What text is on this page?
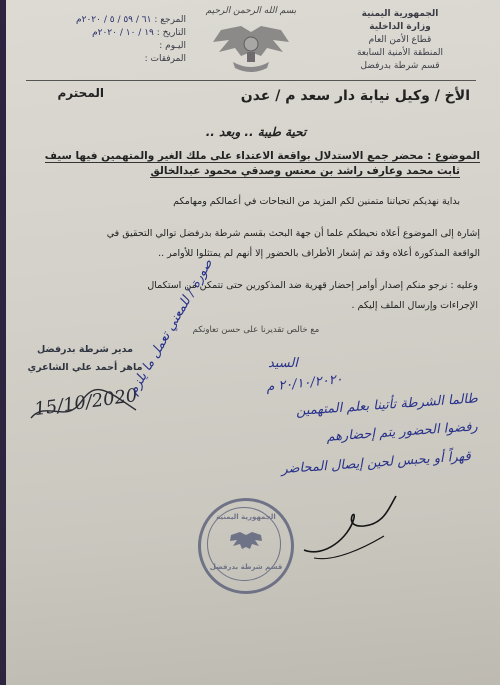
الجمهورية اليمنية
وزارة الداخلية
قطاع الأمن العام
المنطقة الأمنية السابعة
قسم شرطة بدرفضل
بسم الله الرحمن الرحيم
المرجع : ٦١ / ٥٩ / ٥ / ٢٠٢٠م
التاريخ : ١٩ / ١٠ / ٢٠٢٠م
اليـوم :
المرفقات :
الأخ / وكيل نيابة دار سعد م / عدن
المحترم
تحية طيبة .. وبعد ..
الموضوع : محضر جمع الاستدلال بواقعة الاعتداء على ملك الغير والمتهمين فيها سيف
ثابت محمد وعارف راشد بن معنس وصدقي محمود عبدالخالق
بداية نهديكم تحياتنا متمنين لكم المزيد من النجاحات في أعمالكم ومهامكم
إشارة إلى الموضوع أعلاه نحيطكم علما أن جهة البحث بقسم شرطة بدرفضل توالي التحقيق في
الواقعة المذكورة أعلاه وقد تم إشعار الأطراف بالحضور إلا أنهم لم يمتثلوا للأوامر ..
وعليه : نرجو منكم إصدار أوامر إحضار قهرية ضد المذكورين حتى تتمكن من استكمال
الإجراءات وإرسال الملف إليكم .
مع خالص تقديرنا على حسن تعاونكم
مدير شرطة بدرفضل
ماهر أحمد علي الشاعري
15/10/2020
صورة / للمعني تعمل ما يلزم	السيد
٢٠/١٠/٢٠٢٠ م
طالما الشرطة تأتينا بعلم المتهمين
رفضوا الحضور يتم إحضارهم
قهراً أو يحبس لحين إيصال المحاضر
الجمهورية اليمنية
قسم شرطة بدرفضل
